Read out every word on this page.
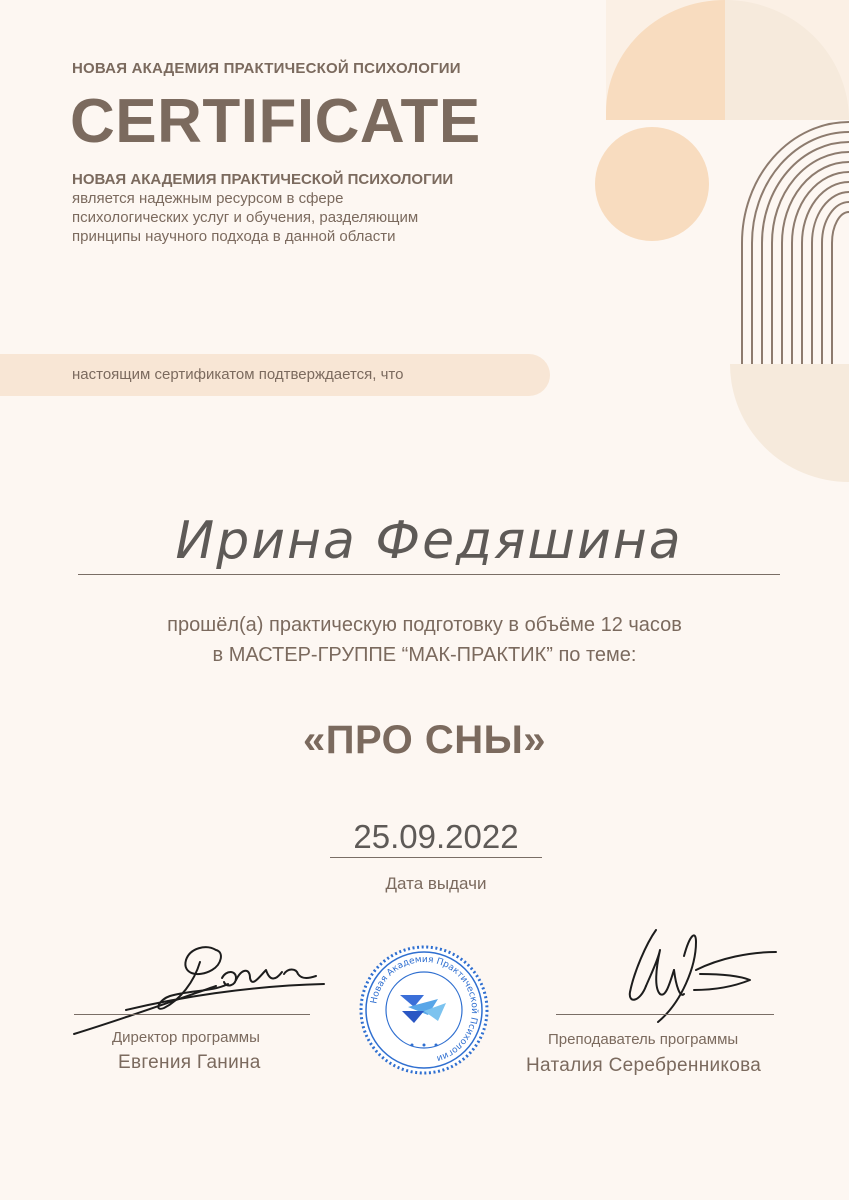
НОВАЯ АКАДЕМИЯ ПРАКТИЧЕСКОЙ ПСИХОЛОГИИ
CERTIFICATE
НОВАЯ АКАДЕМИЯ ПРАКТИЧЕСКОЙ ПСИХОЛОГИИ
является надежным ресурсом в сфере
психологических услуг и обучения, разделяющим
принципы научного подхода в данной области
настоящим сертификатом подтверждается, что
Ирина Федяшина
прошёл(а) практическую подготовку в объёме 12 часов
в МАСТЕР-ГРУППЕ “МАК-ПРАКТИК” по теме:
«ПРО СНЫ»
25.09.2022
Дата выдачи
Директор программы
Евгения Ганина
Новая Академия Практической Психологии
Преподаватель программы
Наталия Серебренникова
